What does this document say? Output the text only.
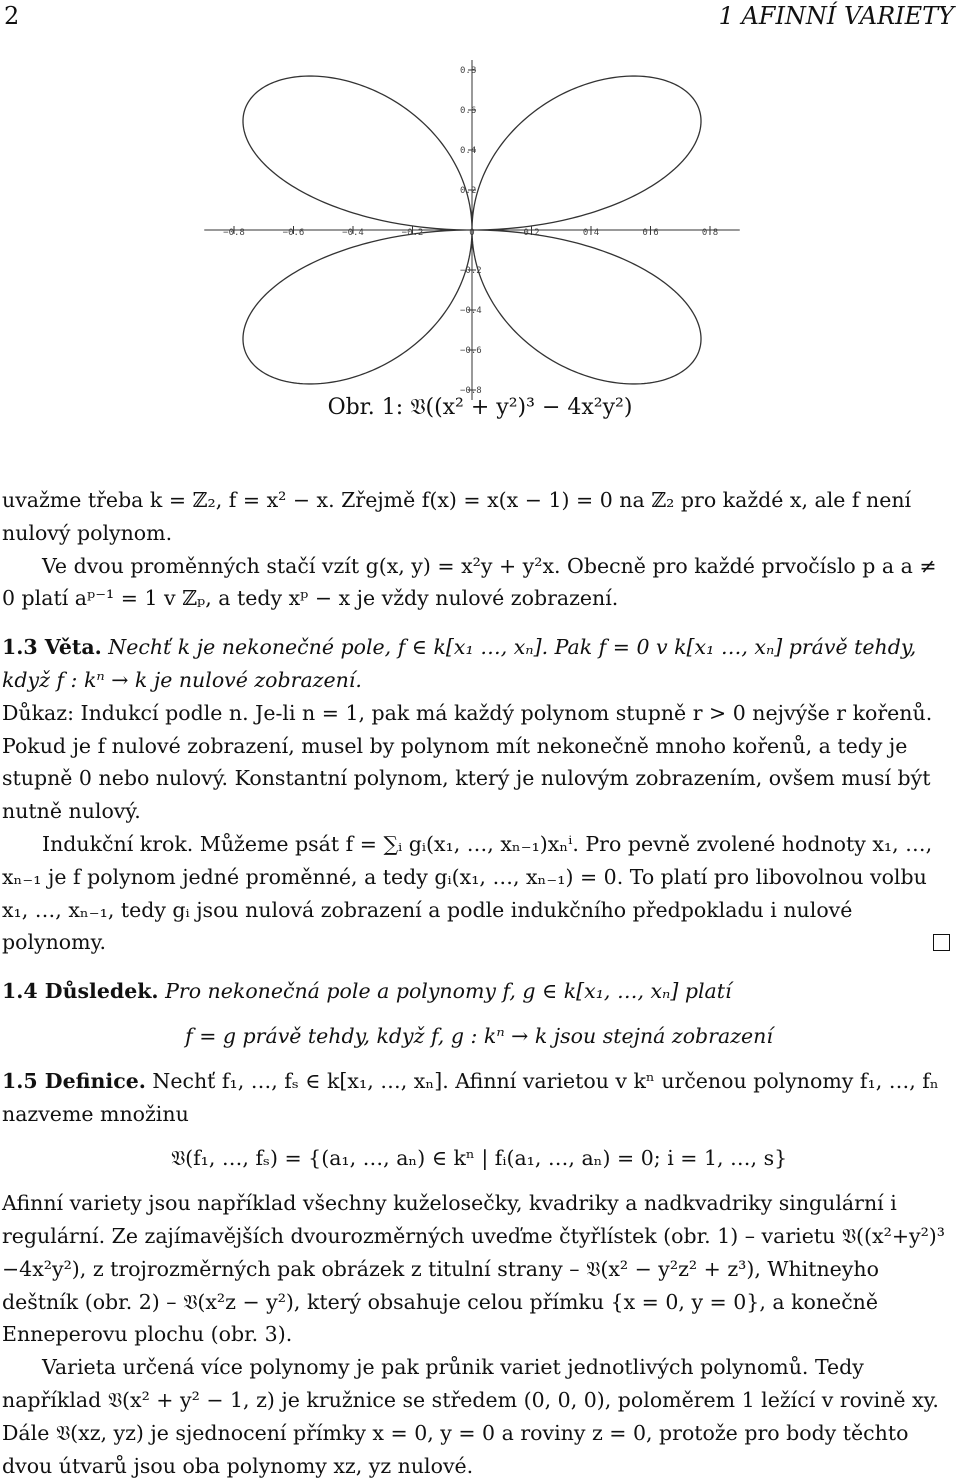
2	1 AFINNÍ VARIETY
−0.8	−0.6	−0.4	−0.2	0	0.2	0.4	0.6	0.8
0.8
0.6
0.4
0.2
−0.2
−0.4
−0.6
−0.8
Obr. 1: 𝔙((x² + y²)³ − 4x²y²)

uvažme třeba k = ℤ₂, f = x² − x. Zřejmě f(x) = x(x − 1) = 0 na ℤ₂ pro každé x, ale f není nulový polynom.

Ve dvou proměnných stačí vzít g(x, y) = x²y + y²x. Obecně pro každé prvočíslo p a a ≠ 0 platí aᵖ⁻¹ = 1 v ℤₚ, a tedy xᵖ − x je vždy nulové zobrazení.

1.3 Věta. Nechť k je nekonečné pole, f ∈ k[x₁ …, xₙ]. Pak f = 0 v k[x₁ …, xₙ] právě tehdy, když f : kⁿ → k je nulové zobrazení.

Důkaz: Indukcí podle n. Je-li n = 1, pak má každý polynom stupně r > 0 nejvýše r kořenů. Pokud je f nulové zobrazení, musel by polynom mít nekonečně mnoho kořenů, a tedy je stupně 0 nebo nulový. Konstantní polynom, který je nulovým zobrazením, ovšem musí být nutně nulový.

Indukční krok. Můžeme psát f = ∑ᵢ gᵢ(x₁, …, xₙ₋₁)xₙⁱ. Pro pevně zvolené hodnoty x₁, …, xₙ₋₁ je f polynom jedné proměnné, a tedy gᵢ(x₁, …, xₙ₋₁) = 0. To platí pro libovolnou volbu x₁, …, xₙ₋₁, tedy gᵢ jsou nulová zobrazení a podle indukčního předpokladu i nulové polynomy.

1.4 Důsledek. Pro nekonečná pole a polynomy f, g ∈ k[x₁, …, xₙ] platí

f = g právě tehdy, když f, g : kⁿ → k jsou stejná zobrazení

1.5 Definice. Nechť f₁, …, fₛ ∈ k[x₁, …, xₙ]. Afinní varietou v kⁿ určenou polynomy f₁, …, fₙ nazveme množinu

𝔙(f₁, …, fₛ) = {(a₁, …, aₙ) ∈ kⁿ | fᵢ(a₁, …, aₙ) = 0; i = 1, …, s}

Afinní variety jsou například všechny kuželosečky, kvadriky a nadkvadriky singulární i regulární. Ze zajímavějších dvourozměrných uveďme čtyřlístek (obr. 1) – varietu 𝔙((x²+y²)³ −4x²y²), z trojrozměrných pak obrázek z titulní strany – 𝔙(x² − y²z² + z³), Whitneyho deštník (obr. 2) – 𝔙(x²z − y²), který obsahuje celou přímku {x = 0, y = 0}, a konečně Enneperovu plochu (obr. 3).

Varieta určená více polynomy je pak průnik variet jednotlivých polynomů. Tedy například 𝔙(x² + y² − 1, z) je kružnice se středem (0, 0, 0), poloměrem 1 ležící v rovině xy. Dále 𝔙(xz, yz) je sjednocení přímky x = 0, y = 0 a roviny z = 0, protože pro body těchto dvou útvarů jsou oba polynomy xz, yz nulové.
